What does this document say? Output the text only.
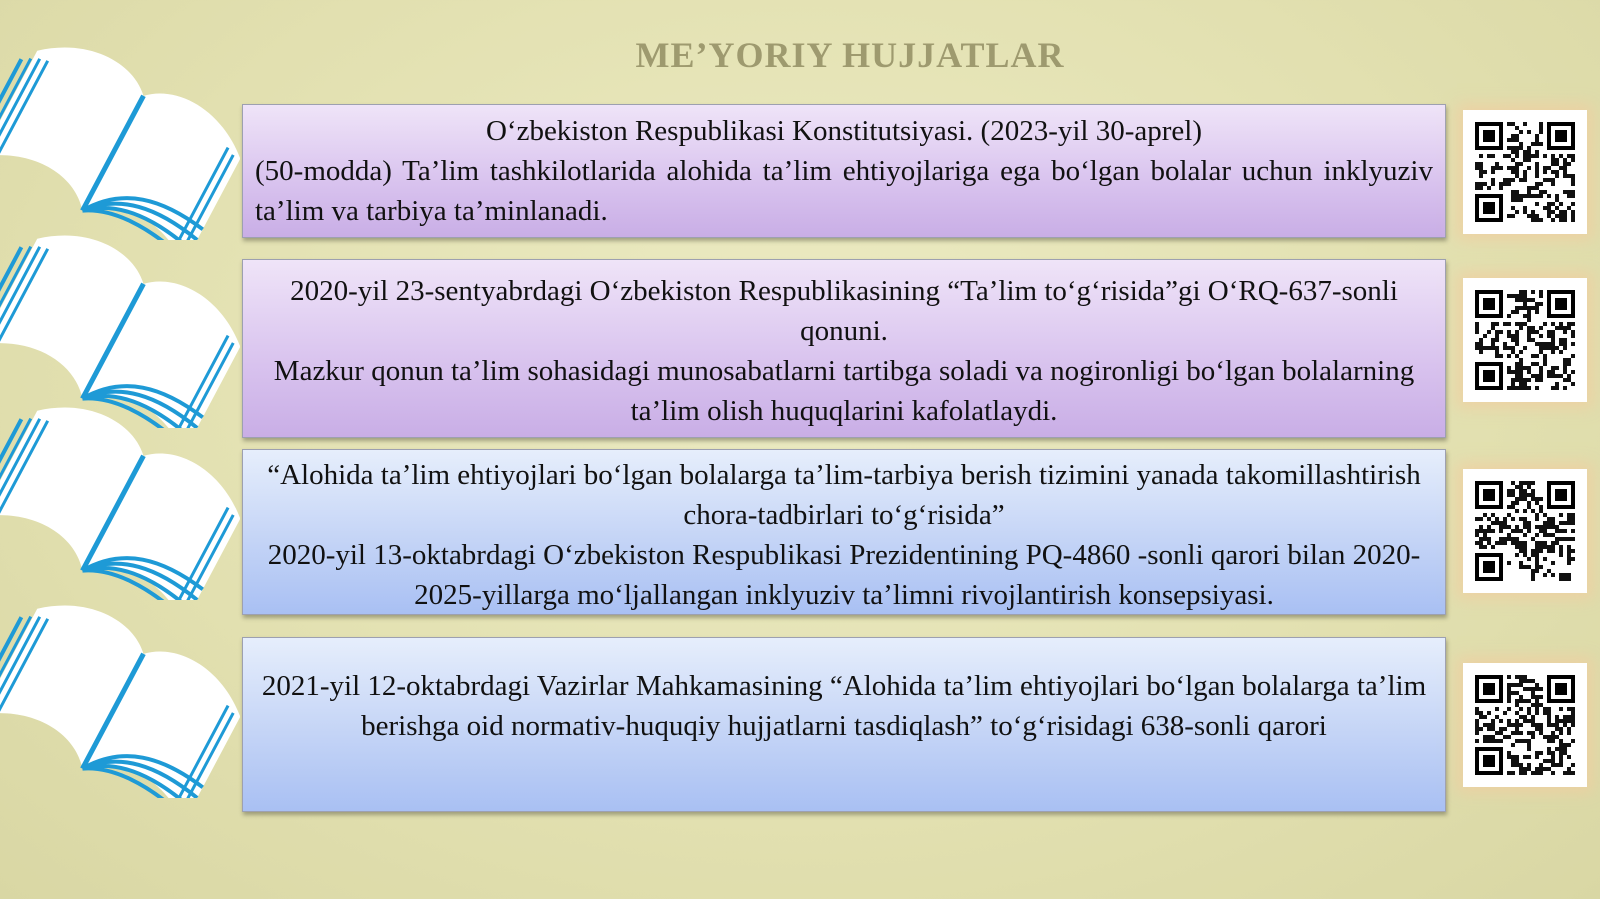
ME’YORIY HUJJATLAR
O‘zbekiston Respublikasi Konstitutsiyasi. (2023-yil 30-aprel)
(50-modda) Ta’lim tashkilotlarida alohida ta’lim ehtiyojlariga ega bo‘lgan bolalar uchun inklyuziv ta’lim va tarbiya ta’minlanadi.
2020-yil 23-sentyabrdagi O‘zbekiston Respublikasining “Ta’lim to‘g‘risida”gi O‘RQ-637-sonli qonuni.
Mazkur qonun ta’lim sohasidagi munosabatlarni tartibga soladi va nogironligi bo‘lgan bolalarning ta’lim olish huquqlarini kafolatlaydi.
“Alohida ta’lim ehtiyojlari bo‘lgan bolalarga ta’lim-tarbiya berish tizimini yanada takomillashtirish chora-tadbirlari to‘g‘risida”
2020-yil 13-oktabrdagi O‘zbekiston Respublikasi Prezidentining PQ-4860 -sonli qarori bilan 2020-2025-yillarga mo‘ljallangan inklyuziv ta’limni rivojlantirish konsepsiyasi.
2021-yil 12-oktabrdagi Vazirlar Mahkamasining “Alohida ta’lim ehtiyojlari bo‘lgan bolalarga ta’lim berishga oid normativ-huquqiy hujjatlarni tasdiqlash” to‘g‘risidagi 638-sonli qarori
